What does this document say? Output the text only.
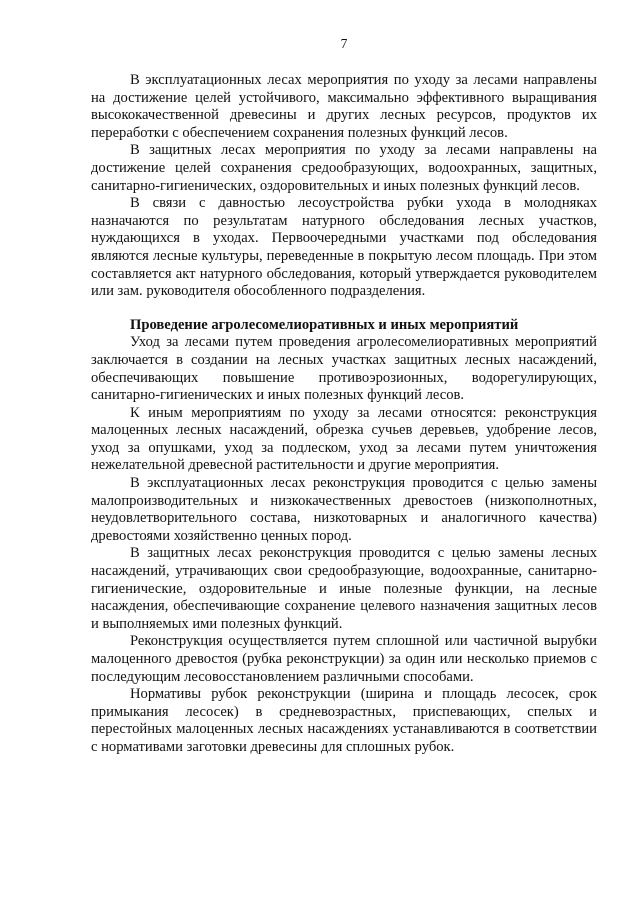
7

В эксплуатационных лесах мероприятия по уходу за лесами направлены на достижение целей устойчивого, максимально эффективного выращивания высококачественной древесины и других лесных ресурсов, продуктов их переработки с обеспечением сохранения полезных функций лесов.

В защитных лесах мероприятия по уходу за лесами направлены на достижение целей сохранения средообразующих, водоохранных, защитных, санитарно-гигиенических, оздоровительных и иных полезных функций лесов.

В связи с давностью лесоустройства рубки ухода в молодняках назначаются по результатам натурного обследования лесных участков, нуждающихся в уходах. Первоочередными участками под обследования являются лесные культуры, переведенные в покрытую лесом площадь. При этом составляется акт натурного обследования, который утверждается руководителем или зам. руководителя обособленного подразделения.

Проведение агролесомелиоративных и иных мероприятий

Уход за лесами путем проведения агролесомелиоративных мероприятий заключается в создании на лесных участках защитных лесных насаждений, обеспечивающих повышение противоэрозионных, водорегулирующих, санитарно-гигиенических и иных полезных функций лесов.

К иным мероприятиям по уходу за лесами относятся: реконструкция малоценных лесных насаждений, обрезка сучьев деревьев, удобрение лесов, уход за опушками, уход за подлеском, уход за лесами путем уничтожения нежелательной древесной растительности и другие мероприятия.

В эксплуатационных лесах реконструкция проводится с целью замены малопроизводительных и низкокачественных древостоев (низкополнотных, неудовлетворительного состава, низкотоварных и аналогичного качества) древостоями хозяйственно ценных пород.

В защитных лесах реконструкция проводится с целью замены лесных насаждений, утрачивающих свои средообразующие, водоохранные, санитарно-гигиенические, оздоровительные и иные полезные функции, на лесные насаждения, обеспечивающие сохранение целевого назначения защитных лесов и выполняемых ими полезных функций.

Реконструкция осуществляется путем сплошной или частичной вырубки малоценного древостоя (рубка реконструкции) за один или несколько приемов с последующим лесовосстановлением различными способами.

Нормативы рубок реконструкции (ширина и площадь лесосек, срок примыкания лесосек) в средневозрастных, приспевающих, спелых и перестойных малоценных лесных насаждениях устанавливаются в соответствии с нормативами заготовки древесины для сплошных рубок.
